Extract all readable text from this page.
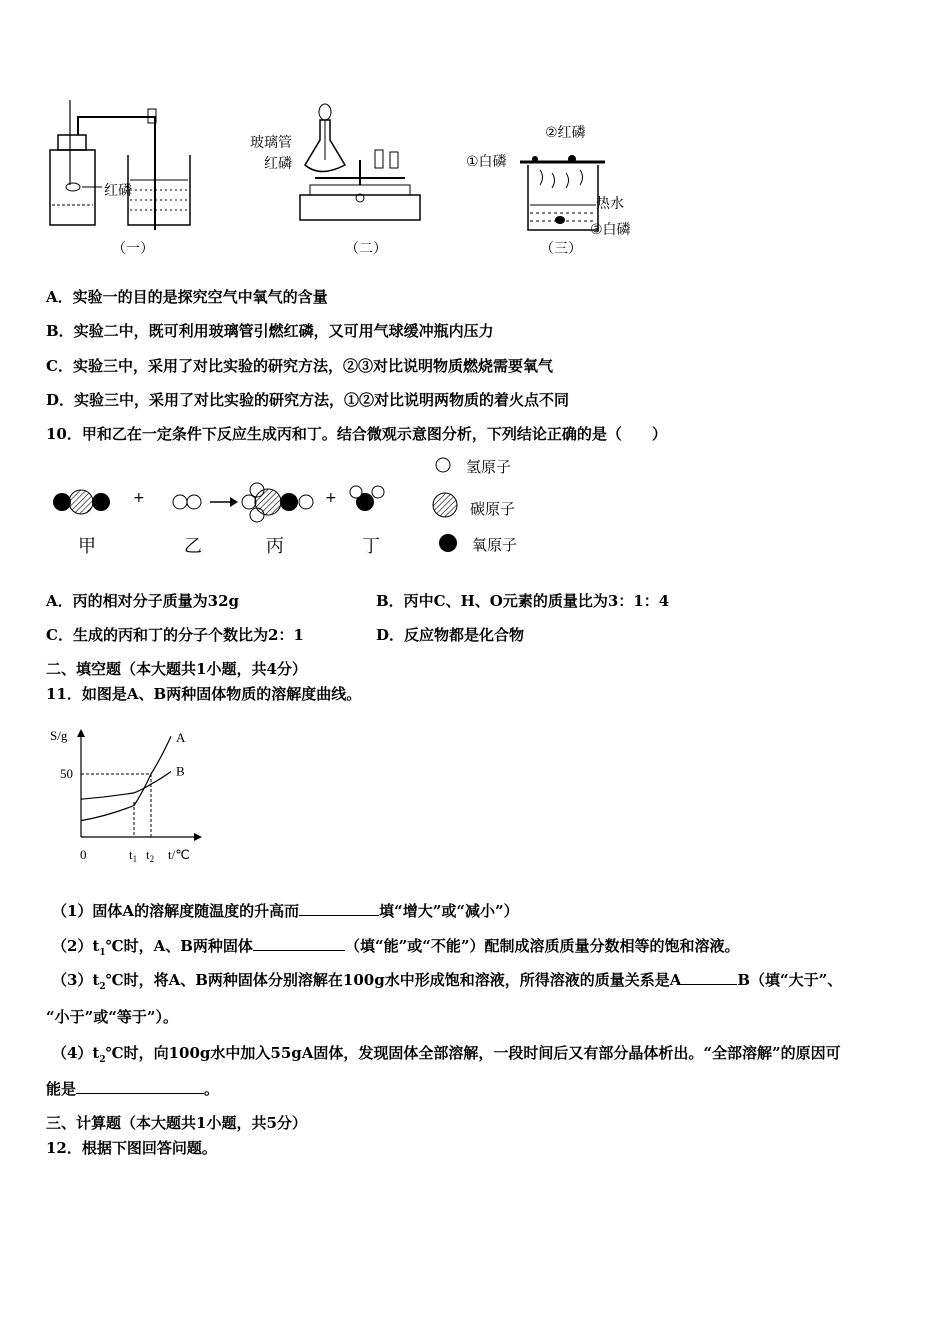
红磷
（一）
玻璃管
红磷
（二）
②红磷
①白磷
热水
③白磷
（三）
A．实验一的目的是探究空气中氧气的含量
B．实验二中，既可利用玻璃管引燃红磷，又可用气球缓冲瓶内压力
C．实验三中，采用了对比实验的研究方法，②③对比说明物质燃烧需要氧气
D．实验三中，采用了对比实验的研究方法，①②对比说明两物质的着火点不同
10．甲和乙在一定条件下反应生成丙和丁。结合微观示意图分析，下列结论正确的是（　　）
+	+
甲	乙	丙	丁
氢原子
碳原子
氧原子
A．丙的相对分子质量为32g	B．丙中C、H、O元素的质量比为3：1：4
C．生成的丙和丁的分子个数比为2：1	D．反应物都是化合物
二、填空题（本大题共1小题，共4分）
11．如图是A、B两种固体物质的溶解度曲线。
S/g
t/℃
0
50
$t_1$ $t_2$
A
B
（1）固体A的溶解度随温度的升高而	填“增大”或“减小”）
$(2)t_1℃$时，A、B两种固体	（填“能”或“不能”）配制成溶质质量分数相等的饱和溶液。
$(3)t_2℃$时，将A、B两种固体分别溶解在100g水中形成饱和溶液，所得溶液的质量关系是A	B（填“大于”、
“小于”或“等于”）。
$(4)t_2℃$时，向100g水中加入55gA固体，发现固体全部溶解，一段时间后又有部分晶体析出。“全部溶解”的原因可
能是	。
三、计算题（本大题共1小题，共5分）
12．根据下图回答问题。
